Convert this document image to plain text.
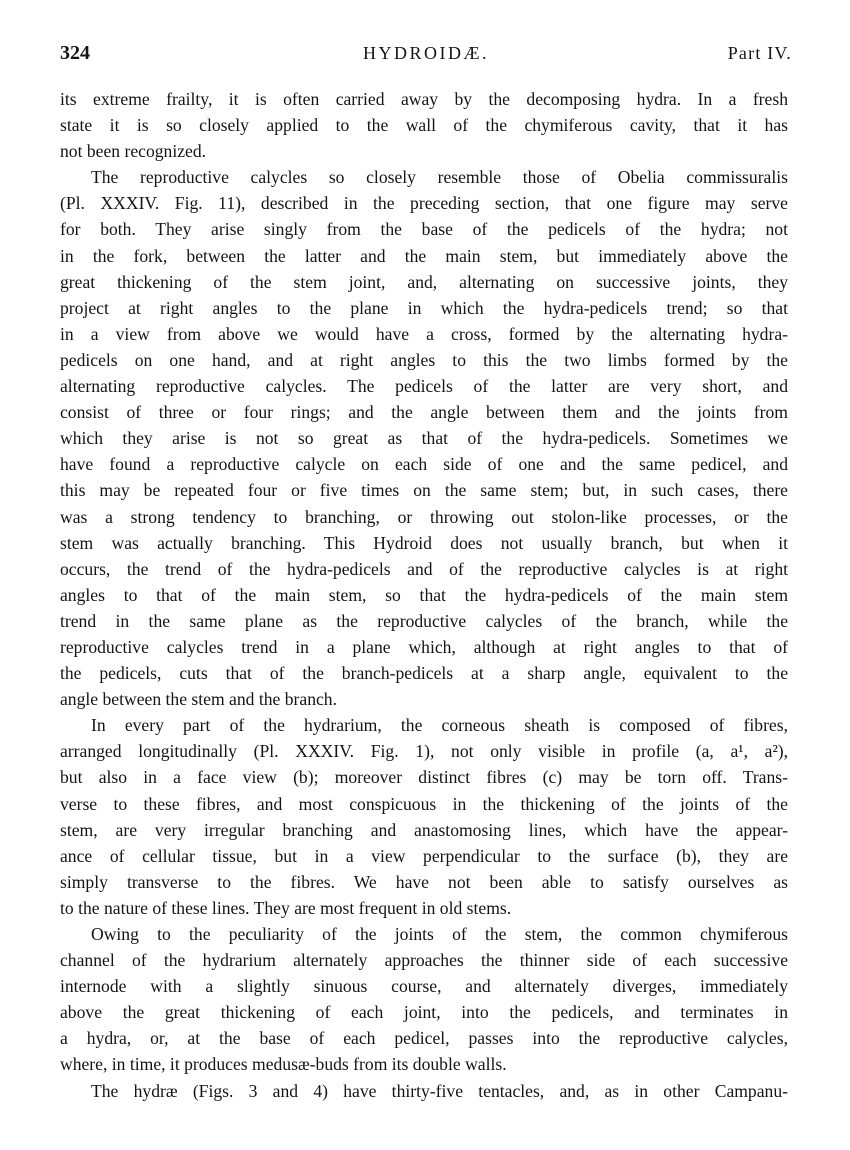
324	HYDROIDÆ.	Part IV.
its extreme frailty, it is often carried away by the decomposing hydra. In a fresh
state it is so closely applied to the wall of the chymiferous cavity, that it has
not been recognized.
The reproductive calycles so closely resemble those of Obelia commissuralis
(Pl. XXXIV. Fig. 11), described in the preceding section, that one figure may serve
for both. They arise singly from the base of the pedicels of the hydra; not
in the fork, between the latter and the main stem, but immediately above the
great thickening of the stem joint, and, alternating on successive joints, they
project at right angles to the plane in which the hydra-pedicels trend; so that
in a view from above we would have a cross, formed by the alternating hydra-
pedicels on one hand, and at right angles to this the two limbs formed by the
alternating reproductive calycles. The pedicels of the latter are very short, and
consist of three or four rings; and the angle between them and the joints from
which they arise is not so great as that of the hydra-pedicels. Sometimes we
have found a reproductive calycle on each side of one and the same pedicel, and
this may be repeated four or five times on the same stem; but, in such cases, there
was a strong tendency to branching, or throwing out stolon-like processes, or the
stem was actually branching. This Hydroid does not usually branch, but when it
occurs, the trend of the hydra-pedicels and of the reproductive calycles is at right
angles to that of the main stem, so that the hydra-pedicels of the main stem
trend in the same plane as the reproductive calycles of the branch, while the
reproductive calycles trend in a plane which, although at right angles to that of
the pedicels, cuts that of the branch-pedicels at a sharp angle, equivalent to the
angle between the stem and the branch.
In every part of the hydrarium, the corneous sheath is composed of fibres,
arranged longitudinally (Pl. XXXIV. Fig. 1), not only visible in profile (a, a¹, a²),
but also in a face view (b); moreover distinct fibres (c) may be torn off. Trans-
verse to these fibres, and most conspicuous in the thickening of the joints of the
stem, are very irregular branching and anastomosing lines, which have the appear-
ance of cellular tissue, but in a view perpendicular to the surface (b), they are
simply transverse to the fibres. We have not been able to satisfy ourselves as
to the nature of these lines. They are most frequent in old stems.
Owing to the peculiarity of the joints of the stem, the common chymiferous
channel of the hydrarium alternately approaches the thinner side of each successive
internode with a slightly sinuous course, and alternately diverges, immediately
above the great thickening of each joint, into the pedicels, and terminates in
a hydra, or, at the base of each pedicel, passes into the reproductive calycles,
where, in time, it produces medusæ-buds from its double walls.
The hydræ (Figs. 3 and 4) have thirty-five tentacles, and, as in other Campanu-
